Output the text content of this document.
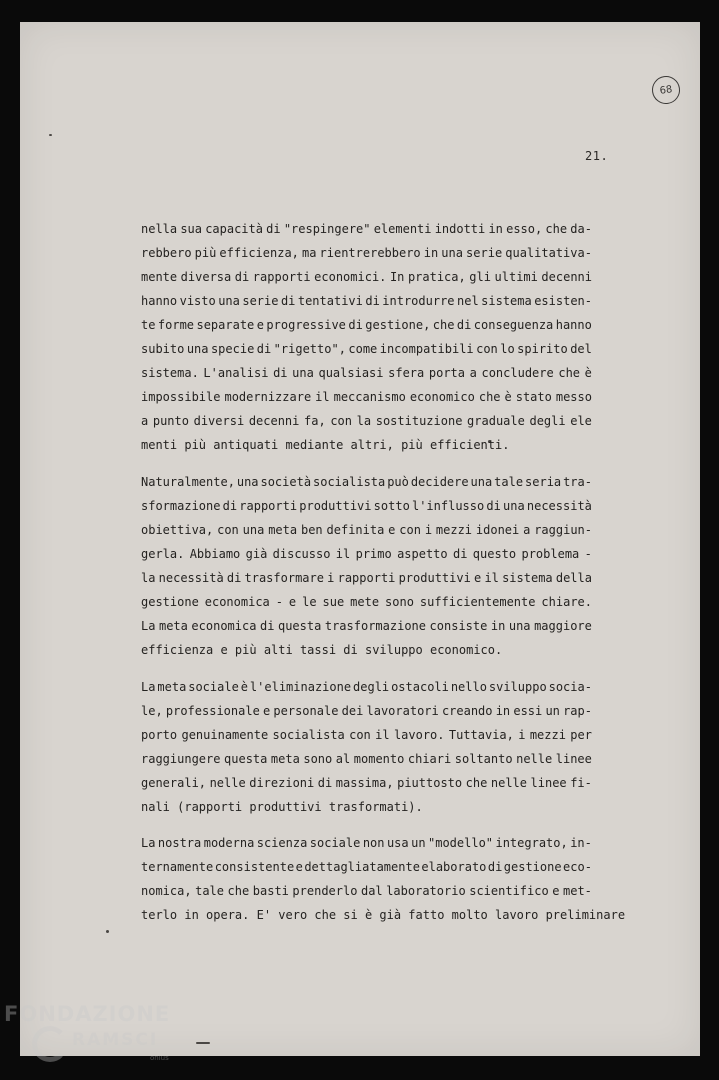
68
21.
nella sua capacità di "respingere" elementi indotti in esso, che da-
rebbero più efficienza, ma rientrerebbero in una serie qualitativa-
mente diversa di rapporti economici. In pratica, gli ultimi decenni
hanno visto una serie di tentativi di introdurre nel sistema esisten-
te forme separate e progressive di gestione, che di conseguenza hanno
subito una specie di "rigetto", come incompatibili con lo spirito del
sistema. L'analisi di una qualsiasi sfera porta a concludere che è
impossibile modernizzare il meccanismo economico che è stato messo
a punto diversi decenni fa, con la sostituzione graduale degli ele
menti più antiquati mediante altri, più efficienti.
Naturalmente, una società socialista può decidere una tale seria tra-
sformazione di rapporti produttivi sotto l'influsso di una necessità
obiettiva, con una meta ben definita e con i mezzi idonei a raggiun-
gerla. Abbiamo già discusso il primo aspetto di questo problema -
la necessità di trasformare i rapporti produttivi e il sistema della
gestione economica - e le sue mete sono sufficientemente chiare.
La meta economica di questa trasformazione consiste in una maggiore
efficienza e più alti tassi di sviluppo economico.
La meta sociale è l'eliminazione degli ostacoli nello sviluppo socia-
le, professionale e personale dei lavoratori creando in essi un rap-
porto genuinamente socialista con il lavoro. Tuttavia, i mezzi per
raggiungere questa meta sono al momento chiari soltanto nelle linee
generali, nelle direzioni di massima, piuttosto che nelle linee fi-
nali (rapporti produttivi trasformati).
La nostra moderna scienza sociale non usa un "modello" integrato, in-
ternamente consistente e dettagliatamente elaborato di gestione eco-
nomica, tale che basti prenderlo dal laboratorio scientifico e met-
terlo in opera. E' vero che si è già fatto molto lavoro preliminare
FONDAZIONE
RAMSCI
onlus
